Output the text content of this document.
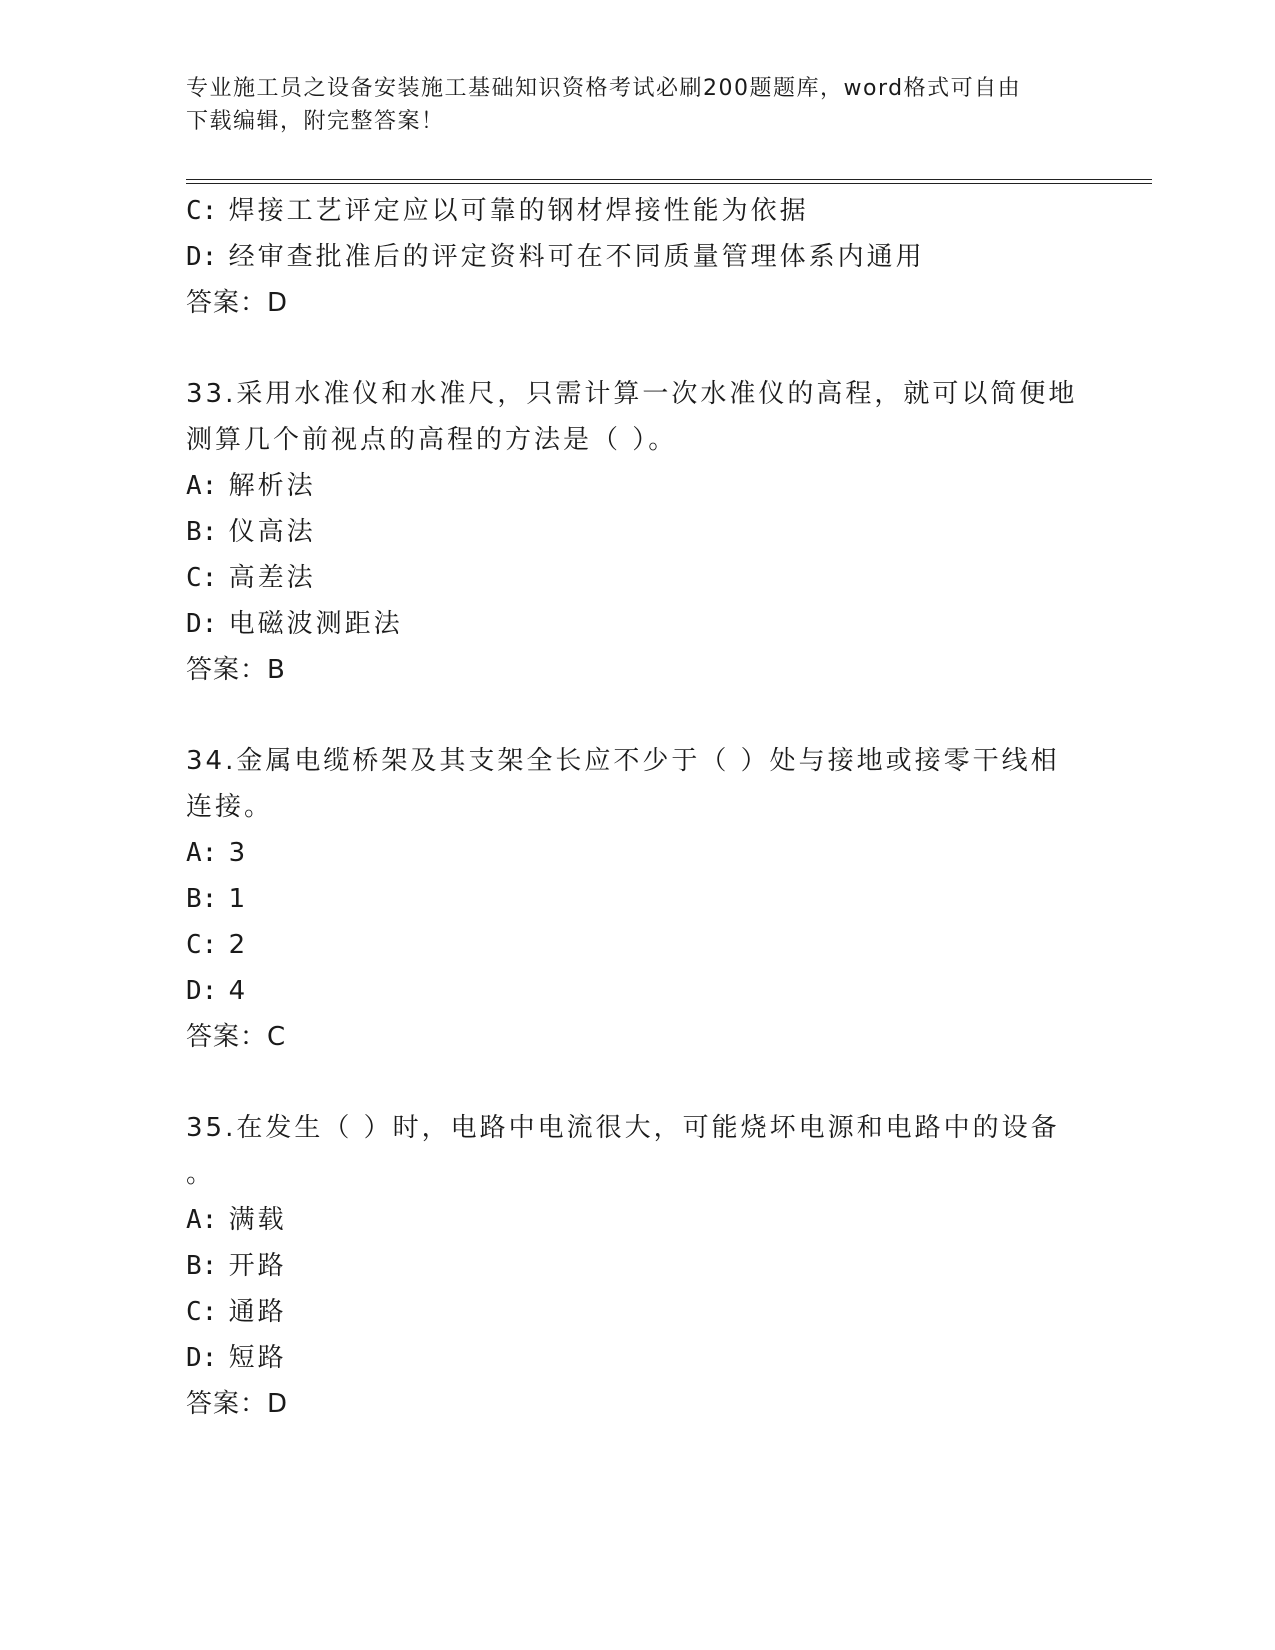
专业施工员之设备安装施工基础知识资格考试必刷200题题库，word格式可自由
下载编辑，附完整答案！
C: 焊接工艺评定应以可靠的钢材焊接性能为依据
D: 经审查批准后的评定资料可在不同质量管理体系内通用
答案：D
33.采用水准仪和水准尺，只需计算一次水准仪的高程，就可以简便地
测算几个前视点的高程的方法是（ ）。
A: 解析法
B: 仪高法
C: 高差法
D: 电磁波测距法
答案：B
34.金属电缆桥架及其支架全长应不少于（ ）处与接地或接零干线相
连接。
A: 3
B: 1
C: 2
D: 4
答案：C
35.在发生（ ）时，电路中电流很大，可能烧坏电源和电路中的设备
。
A: 满载
B: 开路
C: 通路
D: 短路
答案：D
